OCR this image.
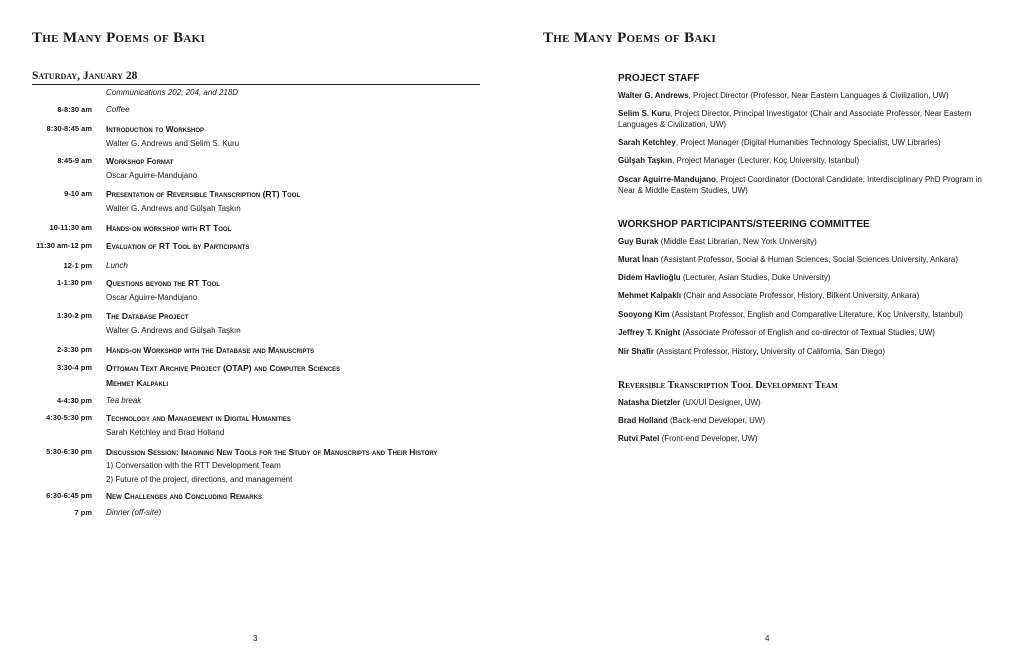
The Many Poems of Baki
Saturday, January 28
Communications 202, 204, and 218D
8-8:30 am Coffee
8:30-8:45 am Introduction to Workshop
Walter G. Andrews and Selim S. Kuru
8:45-9 am Workshop Format
Oscar Aguirre-Mandujano
9-10 am Presentation of Reversible Transcription (RT) Tool
Walter G. Andrews and Gülşah Taşkın
10-11:30 am Hands-on workshop with RT Tool
11:30 am-12 pm Evaluation of RT Tool by Participants
12-1 pm Lunch
1-1:30 pm Questions beyond the RT Tool
Oscar Aguirre-Mandujano
1:30-2 pm The Database Project
Walter G. Andrews and Gülşah Taşkın
2-3:30 pm Hands-on Workshop with the Database and Manuscripts
3:30-4 pm Ottoman Text Archive Project (OTAP) and Computer Sciences
Mehmet Kalpakli
4-4:30 pm Tea break
4:30-5:30 pm Technology and Management in Digital Humanities
Sarah Ketchley and Brad Holland
5:30-6:30 pm Discussion Session: Imagining New Tools for the Study of Manuscripts and Their History
1) Conversation with the RTT Development Team
2) Future of the project, directions, and management
6:30-6:45 pm New Challenges and Concluding Remarks
7 pm Dinner (off-site)
3
The Many Poems of Baki
PROJECT STAFF
Walter G. Andrews, Project Director (Professor, Near Eastern Languages & Civilization, UW)
Selim S. Kuru, Project Director, Principal Investigator (Chair and Associate Professor, Near Eastern Languages & Civilization, UW)
Sarah Ketchley, Project Manager (Digital Humanities Technology Specialist, UW Libraries)
Gülşah Taşkın, Project Manager (Lecturer, Koç University, Istanbul)
Oscar Aguirre-Mandujano, Project Coordinator (Doctoral Candidate, Interdisciplinary PhD Program in Near & Middle Eastern Studies, UW)
WORKSHOP PARTICIPANTS/STEERING COMMITTEE
Guy Burak (Middle East Librarian, New York University)
Murat İnan (Assistant Professor, Social & Human Sciences, Social Sciences University, Ankara)
Didem Havlioğlu (Lecturer, Asian Studies, Duke University)
Mehmet Kalpaklı (Chair and Associate Professor, History, Bilkent University, Ankara)
Sooyong Kim (Assistant Professor, English and Comparative Literature, Koç University, Istanbul)
Jeffrey T. Knight (Associate Professor of English and co-director of Textual Studies, UW)
Nir Shafir (Assistant Professor, History, University of California, San Diego)
Reversible Transcription Tool Development Team
Natasha Dietzler (UX/UI Designer, UW)
Brad Holland (Back-end Developer, UW)
Rutvi Patel (Front-end Developer, UW)
4
